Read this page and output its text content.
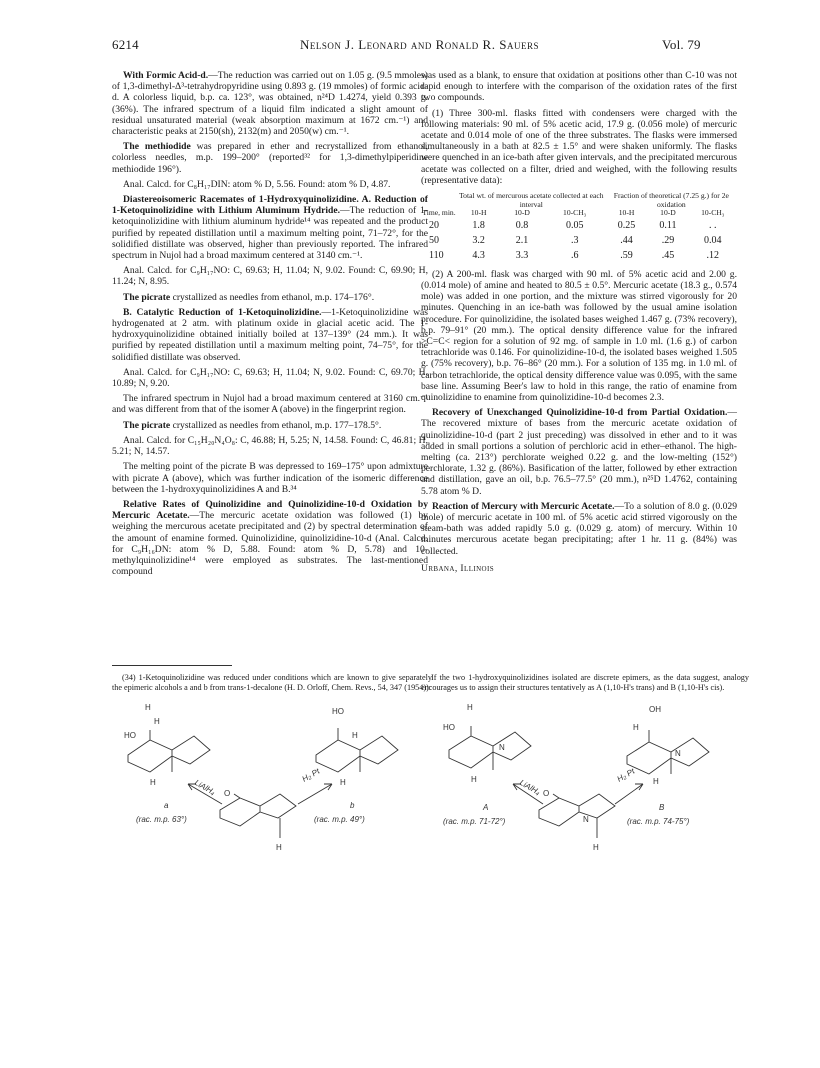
6214	Nelson J. Leonard and Ronald R. Sauers	Vol. 79

With Formic Acid-d.—The reduction was carried out on 1.05 g. (9.5 mmoles) of 1,3-dimethyl-Δ³-tetrahydropyridine using 0.893 g. (19 mmoles) of formic acid-d. A colorless liquid, b.p. ca. 123°, was obtained, n²⁴D 1.4274, yield 0.393 g. (36%). The infrared spectrum of a liquid film indicated a slight amount of residual unsaturated material (weak absorption maximum at 1672 cm.⁻¹) and characteristic peaks at 2150(sh), 2132(m) and 2050(w) cm.⁻¹.

The methiodide was prepared in ether and recrystallized from ethanol, colorless needles, m.p. 199–200° (reported³² for 1,3-dimethylpiperidine methiodide 196°).

Anal. Calcd. for C₈H₁₇DIN: atom % D, 5.56. Found: atom % D, 4.87.

Diastereoisomeric Racemates of 1-Hydroxyquinolizidine. A. Reduction of 1-Ketoquinolizidine with Lithium Aluminum Hydride.—The reduction of 1-ketoquinolizidine with lithium aluminum hydride¹⁴ was repeated and the product purified by repeated distillation until a maximum melting point, 71–72°, for the solidified distillate was observed, higher than previously reported. The infrared spectrum in Nujol had a broad maximum centered at 3140 cm.⁻¹.

Anal. Calcd. for C₉H₁₇NO: C, 69.63; H, 11.04; N, 9.02. Found: C, 69.90; H, 11.24; N, 8.95.

The picrate crystallized as needles from ethanol, m.p. 174–176°.

B. Catalytic Reduction of 1-Ketoquinolizidine.—1-Ketoquinolizidine was hydrogenated at 2 atm. with platinum oxide in glacial acetic acid. The 1-hydroxyquinolizidine obtained initially boiled at 137–139° (24 mm.). It was purified by repeated distillation until a maximum melting point, 74–75°, for the solidified distillate was observed.

Anal. Calcd. for C₉H₁₇NO: C, 69.63; H, 11.04; N, 9.02. Found: C, 69.70; H, 10.89; N, 9.20.

The infrared spectrum in Nujol had a broad maximum centered at 3160 cm.⁻¹ and was different from that of the isomer A (above) in the fingerprint region.

The picrate crystallized as needles from ethanol, m.p. 177–178.5°.

Anal. Calcd. for C₁₅H₂₀N₄O₈: C, 46.88; H, 5.25; N, 14.58. Found: C, 46.81; H, 5.21; N, 14.57.

The melting point of the picrate B was depressed to 169–175° upon admixture with picrate A (above), which was further indication of the isomeric difference between the 1-hydroxyquinolizidines A and B.³⁴

Relative Rates of Quinolizidine and Quinolizidine-10-d Oxidation by Mercuric Acetate.—The mercuric acetate oxidation was followed (1) by weighing the mercurous acetate precipitated and (2) by spectral determination of the amount of enamine formed. Quinolizidine, quinolizidine-10-d (Anal. Calcd. for C₉H₁₆DN: atom % D, 5.88. Found: atom % D, 5.78) and 10-methylquinolizidine¹⁴ were employed as substrates. The last-mentioned compound

was used as a blank, to ensure that oxidation at positions other than C-10 was not rapid enough to interfere with the comparison of the oxidation rates of the first two compounds.

(1) Three 300-ml. flasks fitted with condensers were charged with the following materials: 90 ml. of 5% acetic acid, 17.9 g. (0.056 mole) of mercuric acetate and 0.014 mole of one of the three substrates. The flasks were immersed simultaneously in a bath at 82.5 ± 1.5° and were shaken uniformly. The flasks were quenched in an ice-bath after given intervals, and the precipitated mercurous acetate was collected on a filter, dried and weighed, with the following results (representative data):

Time, min.	Total wt. of mercurous acetate collected at each interval			Fraction of theoretical (7.25 g.) for 2e oxidation		
	10-H	10-D	10-CH₃	10-H	10-D	10-CH₃
20	1.8	0.8	0.05	0.25	0.11	. .
50	3.2	2.1	.3	.44	.29	0.04
110	4.3	3.3	.6	.59	.45	.12

(2) A 200-ml. flask was charged with 90 ml. of 5% acetic acid and 2.00 g. (0.014 mole) of amine and heated to 80.5 ± 0.5°. Mercuric acetate (18.3 g., 0.574 mole) was added in one portion, and the mixture was stirred vigorously for 20 minutes. Quenching in an ice-bath was followed by the usual amine isolation procedure. For quinolizidine, the isolated bases weighed 1.467 g. (73% recovery), b.p. 79–91° (20 mm.). The optical density difference value for the infrared >C=C< region for a solution of 92 mg. of sample in 1.0 ml. (1.6 g.) of carbon tetrachloride was 0.146. For quinolizidine-10-d, the isolated bases weighed 1.505 g. (75% recovery), b.p. 76–86° (20 mm.). For a solution of 135 mg. in 1.0 ml. of carbon tetrachloride, the optical density difference value was 0.095, with the same base line. Assuming Beer's law to hold in this range, the ratio of enamine from quinolizidine to enamine from quinolizidine-10-d becomes 2.3.

Recovery of Unexchanged Quinolizidine-10-d from Partial Oxidation.—The recovered mixture of bases from the mercuric acetate oxidation of quinolizidine-10-d (part 2 just preceding) was dissolved in ether and to it was added in small portions a solution of perchloric acid in ether–ethanol. The high-melting (ca. 213°) perchlorate weighed 0.22 g. and the low-melting (152°) perchlorate, 1.32 g. (86%). Basification of the latter, followed by ether extraction and distillation, gave an oil, b.p. 76.5–77.5° (20 mm.), n²⁵D 1.4762, containing 5.78 atom % D.

Reaction of Mercury with Mercuric Acetate.—To a solution of 8.0 g. (0.029 mole) of mercuric acetate in 100 ml. of 5% acetic acid stirred vigorously on the steam-bath was added rapidly 5.0 g. (0.029 g. atom) of mercury. Within 10 minutes mercurous acetate began precipitating; after 1 hr. 11 g. (84%) was collected.

Urbana, Illinois

(34) 1-Ketoquinolizidine was reduced under conditions which are known to give separately the epimeric alcohols a and b from trans-1-decalone (H. D. Orloff, Chem. Revs., 54, 347 (1954)):

If the two 1-hydroxyquinolizidines isolated are discrete epimers, as the data suggest, analogy encourages us to assign their structures tentatively as A (1,10-H's trans) and B (1,10-H's cis).

H
H
HO
H
a
(rac. m.p. 63°)
HO
H
H
b
(rac. m.p. 49°)
O
H
LiAlH₄
H₂ Pt
H
HO
N
H
A
(rac. m.p. 71-72°)
OH
H
N
H
B
(rac. m.p. 74-75°)
O
N
H
LiAlH₄
H₂ Pt
